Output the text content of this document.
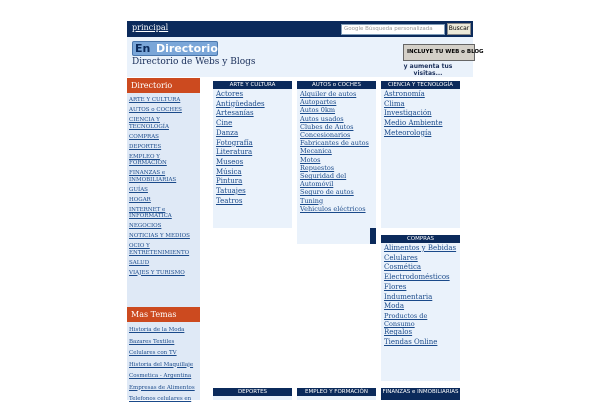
principal	Google Búsqueda personalizada	Buscar
En Directorio
Directorio de Webs y Blogs
INCLUYE TU WEB o BLOG
y aumenta tus visitas...
Directorio
ARTE Y CULTURA
AUTOS o COCHES
CIENCIA Y TECNOLOGÍA
COMPRAS
DEPORTES
EMPLEO Y FORMACIÓN
FINANZAS e INMOBILIARIAS
GUÍAS
HOGAR
INTERNET e INFORMÁTICA
NEGOCIOS
NOTICIAS Y MEDIOS
OCIO Y ENTRETENIMIENTO
SALUD
VIAJES Y TURISMO
Mas Temas
Historia de la Moda
Bazares Textiles
Celulares con TV
Historia del Maquillaje
Cosmetica - Argentina
Empresas de Alimentos
Telefonos celulares en
ARTE Y CULTURA
Actores
Antigüedades
Artesanías
Cine
Danza
Fotografía
Literatura
Museos
Música
Pintura
Tatuajes
Teatros
AUTOS o COCHES
Alquiler de autos
Autopartes
Autos 0km
Autos usados
Clubes de Autos
Concesionarios
Fabricantes de autos
Mecanica
Motos
Repuestos
Seguridad del Automóvil
Seguro de autos
Tuning
Vehiculos eléctricos
CIENCIA Y TECNOLOGÍA
Astronomía
Clima
Investigación
Medio Ambiente
Meteorología
COMPRAS
Alimentos y Bebidas
Celulares
Cosmética
Electrodomésticos
Flores
Indumentaria
Moda
Productos de Consumo
Regalos
Tiendas Online
DEPORTES	EMPLEO Y FORMACIÓN	FINANZAS e INMOBILIARIAS
